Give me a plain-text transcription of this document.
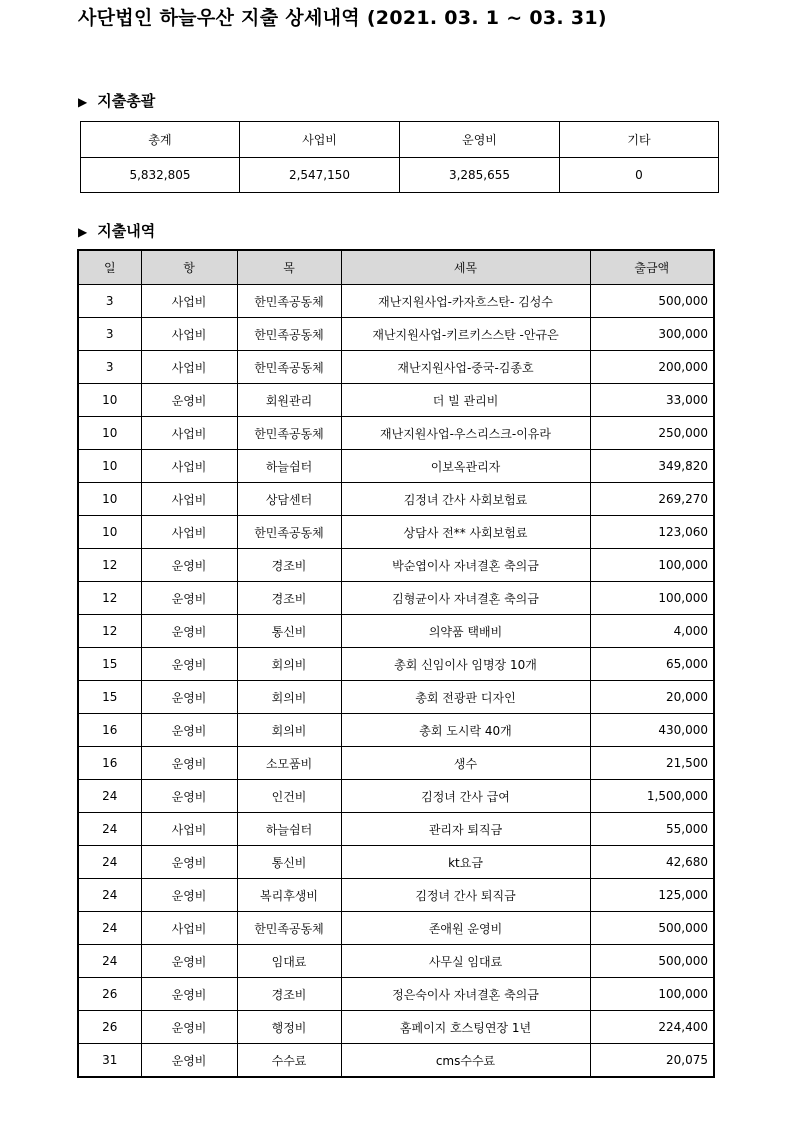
사단법인 하늘우산 지출 상세내역 (2021. 03. 1 ~ 03. 31)
▶ 지출총괄
총계	사업비	운영비	기타
5,832,805	2,547,150	3,285,655	0
▶ 지출내역
일	항	목	세목	출금액
3	사업비	한민족공동체	재난지원사업-카자흐스탄- 김성수	500,000
3	사업비	한민족공동체	재난지원사업-키르키스스탄 -안규은	300,000
3	사업비	한민족공동체	재난지원사업-중국-김종호	200,000
10	운영비	회원관리	더 빌 관리비	33,000
10	사업비	한민족공동체	재난지원사업-우스리스크-이유라	250,000
10	사업비	하늘쉼터	이보옥관리자	349,820
10	사업비	상담센터	김정녀 간사 사회보험료	269,270
10	사업비	한민족공동체	상담사 전** 사회보험료	123,060
12	운영비	경조비	박순엽이사 자녀결혼 축의금	100,000
12	운영비	경조비	김형균이사 자녀결혼 축의금	100,000
12	운영비	통신비	의약품 택배비	4,000
15	운영비	회의비	총회 신임이사 임명장 10개	65,000
15	운영비	회의비	총회 전광판 디자인	20,000
16	운영비	회의비	총회 도시락 40개	430,000
16	운영비	소모품비	생수	21,500
24	운영비	인건비	김정녀 간사 급여	1,500,000
24	사업비	하늘쉼터	관리자 퇴직금	55,000
24	운영비	통신비	kt요금	42,680
24	운영비	복리후생비	김정녀 간사 퇴직금	125,000
24	사업비	한민족공동체	존애원 운영비	500,000
24	운영비	임대료	사무실 임대료	500,000
26	운영비	경조비	정은숙이사 자녀결혼 축의금	100,000
26	운영비	행정비	홈페이지 호스팅연장 1년	224,400
31	운영비	수수료	cms수수료	20,075
